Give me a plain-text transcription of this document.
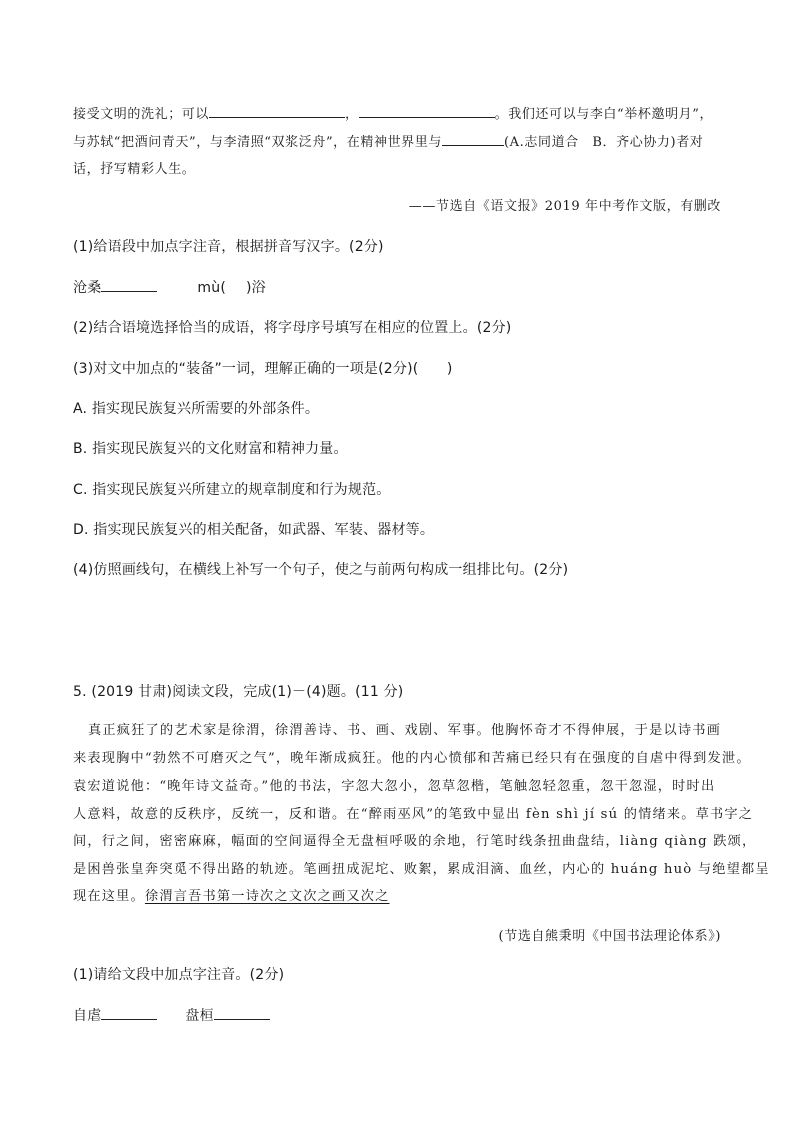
接受文明的洗礼；可以	，	。我们还可以与李白“举杯邀明月”，
与苏轼“把酒问青天”，与李清照“双浆泛舟”，在精神世界里与	(A.志同道合　B．齐心协力)者对
话，抒写精彩人生。
——节选自《语文报》2019 年中考作文版，有删改
(1)给语段中加点字注音，根据拼音写汉字。(2分)
沧桑	mù( )浴
(2)结合语境选择恰当的成语，将字母序号填写在相应的位置上。(2分)
(3)对文中加点的“装备”一词，理解正确的一项是(2分)(　　)
A. 指实现民族复兴所需要的外部条件。
B. 指实现民族复兴的文化财富和精神力量。
C. 指实现民族复兴所建立的规章制度和行为规范。
D. 指实现民族复兴的相关配备，如武器、军装、器材等。
(4)仿照画线句，在横线上补写一个句子，使之与前两句构成一组排比句。(2分)
5. (2019 甘肃)阅读文段，完成(1)－(4)题。(11 分)
真正疯狂了的艺术家是徐渭，徐渭善诗、书、画、戏剧、军事。他胸怀奇才不得伸展，于是以诗书画
来表现胸中“勃然不可磨灭之气”，晚年渐成疯狂。他的内心愤郁和苦痛已经只有在强度的自虐中得到发泄。
袁宏道说他：“晚年诗文益奇。”他的书法，字忽大忽小，忽草忽楷，笔触忽轻忽重，忽干忽湿，时时出
人意料，故意的反秩序，反统一，反和谐。在“醉雨巫风”的笔致中显出 fèn shì jí sú 的情绪来。草书字之
间，行之间，密密麻麻，幅面的空间逼得全无盘桓呼吸的余地，行笔时线条扭曲盘结，liàng qiàng 跌颂，
是困兽张皇奔突觅不得出路的轨迹。笔画扭成泥坨、败絮，累成泪滴、血丝，内心的 huáng huò 与绝望都呈
现在这里。徐渭言吾书第一诗次之文次之画又次之
(节选自熊秉明《中国书法理论体系》)
(1)请给文段中加点字注音。(2分)
自虐	盘桓
